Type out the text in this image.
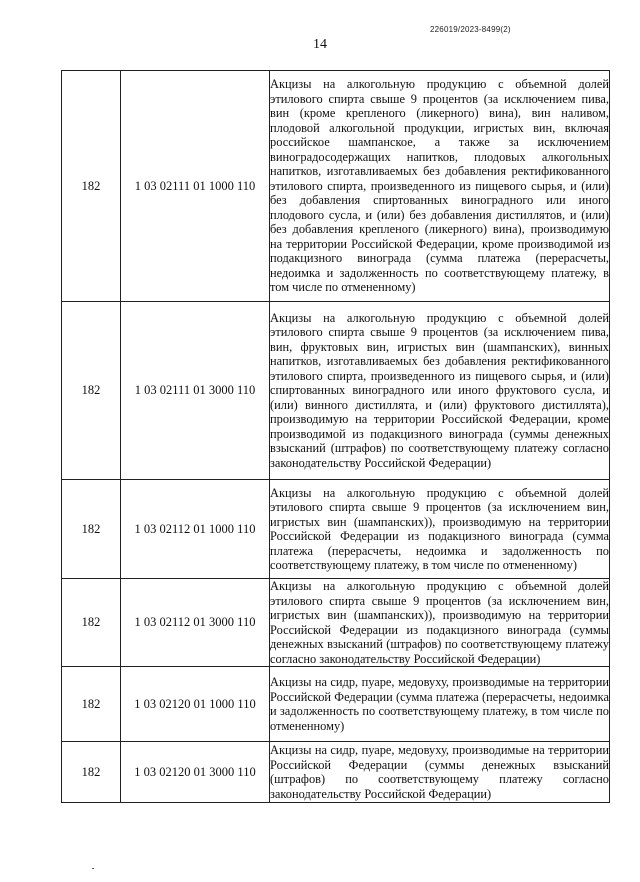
226019/2023-8499(2)
14
182	1 03 02111 01 1000 110	Акцизы на алкогольную продукцию с объемной долей этилового спирта свыше 9 процентов (за исключением пива, вин (кроме крепленого (ликерного) вина), вин наливом, плодовой алкогольной продукции, игристых вин, включая российское шампанское, а также за исключением виноградосодержащих напитков, плодовых алкогольных напитков, изготавливаемых без добавления ректификованного этилового спирта, произведенного из пищевого сырья, и (или) без добавления спиртованных виноградного или иного плодового сусла, и (или) без добавления дистиллятов, и (или) без добавления крепленого (ликерного) вина), производимую на территории Российской Федерации, кроме производимой из подакцизного винограда (сумма платежа (перерасчеты, недоимка и задолженность по соответствующему платежу, в том числе по отмененному)
182	1 03 02111 01 3000 110	Акцизы на алкогольную продукцию с объемной долей этилового спирта свыше 9 процентов (за исключением пива, вин, фруктовых вин, игристых вин (шампанских), винных напитков, изготавливаемых без добавления ректификованного этилового спирта, произведенного из пищевого сырья, и (или) спиртованных виноградного или иного фруктового сусла, и (или) винного дистиллята, и (или) фруктового дистиллята), производимую на территории Российской Федерации, кроме производимой из подакцизного винограда (суммы денежных взысканий (штрафов) по соответствующему платежу согласно законодательству Российской Федерации)
182	1 03 02112 01 1000 110	Акцизы на алкогольную продукцию с объемной долей этилового спирта свыше 9 процентов (за исключением вин, игристых вин (шампанских)), производимую на территории Российской Федерации из подакцизного винограда (сумма платежа (перерасчеты, недоимка и задолженность по соответствующему платежу, в том числе по отмененному)
182	1 03 02112 01 3000 110	Акцизы на алкогольную продукцию с объемной долей этилового спирта свыше 9 процентов (за исключением вин, игристых вин (шампанских)), производимую на территории Российской Федерации из подакцизного винограда (суммы денежных взысканий (штрафов) по соответствующему платежу согласно законодательству Российской Федерации)
182	1 03 02120 01 1000 110	Акцизы на сидр, пуаре, медовуху, производимые на территории Российской Федерации (сумма платежа (перерасчеты, недоимка и задолженность по соответствующему платежу, в том числе по отмененному)
182	1 03 02120 01 3000 110	Акцизы на сидр, пуаре, медовуху, производимые на территории Российской Федерации (суммы денежных взысканий (штрафов) по соответствующему платежу согласно законодательству Российской Федерации)
